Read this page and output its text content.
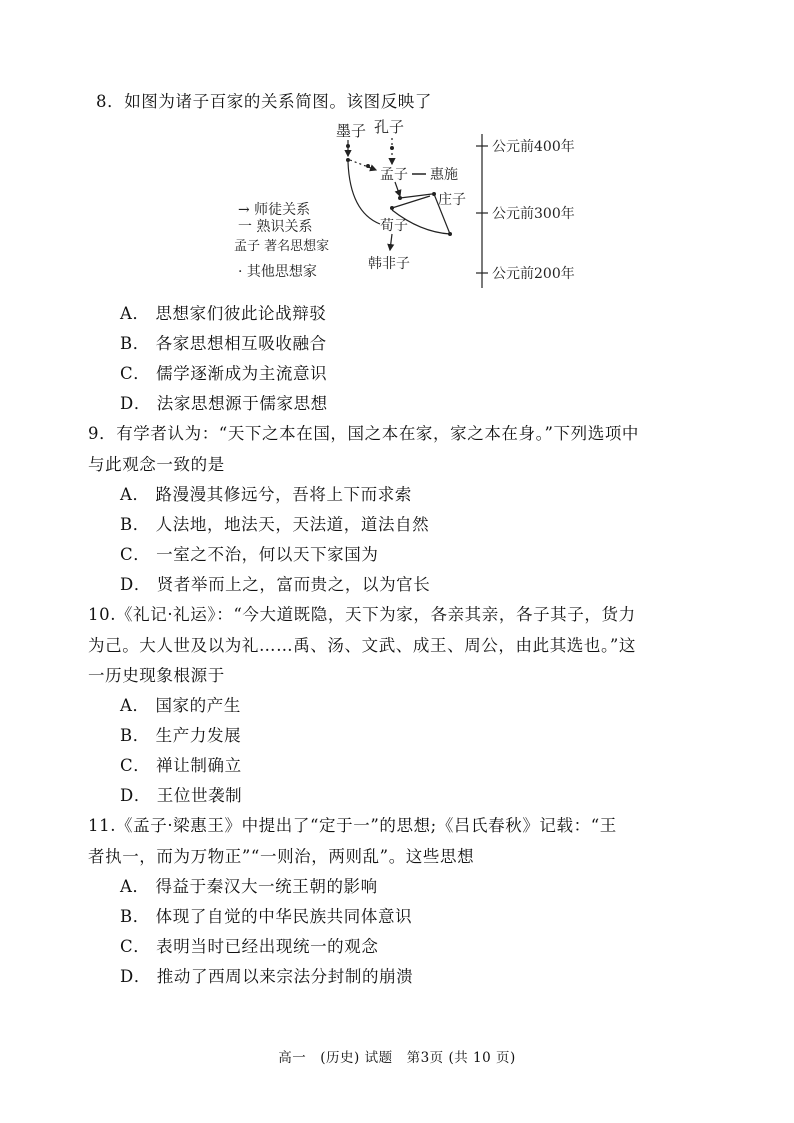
8．如图为诸子百家的关系简图。该图反映了
墨子 孔子
孟子 惠施
庄子
荀子
韩非子
→ 师徒关系
一 熟识关系
孟子 著名思想家
· 其他思想家
公元前400年
公元前300年
公元前200年
A． 思想家们彼此论战辩驳
B． 各家思想相互吸收融合
C． 儒学逐渐成为主流意识
D． 法家思想源于儒家思想
9．有学者认为：“天下之本在国，国之本在家，家之本在身。”下列选项中
与此观念一致的是
A． 路漫漫其修远兮，吾将上下而求索
B． 人法地，地法天，天法道，道法自然
C． 一室之不治，何以天下家国为
D． 贤者举而上之，富而贵之，以为官长
10.《礼记·礼运》：“今大道既隐，天下为家，各亲其亲，各子其子，货力
为己。大人世及以为礼……禹、汤、文武、成王、周公，由此其选也。”这
一历史现象根源于
A． 国家的产生
B． 生产力发展
C． 禅让制确立
D． 王位世袭制
11.《孟子·梁惠王》中提出了“定于一”的思想;《吕氏春秋》记载：“王
者执一，而为万物正”“一则治，两则乱”。这些思想
A． 得益于秦汉大一统王朝的影响
B． 体现了自觉的中华民族共同体意识
C． 表明当时已经出现统一的观念
D． 推动了西周以来宗法分封制的崩溃
高一　(历史) 试题　第3页 (共 10 页)
